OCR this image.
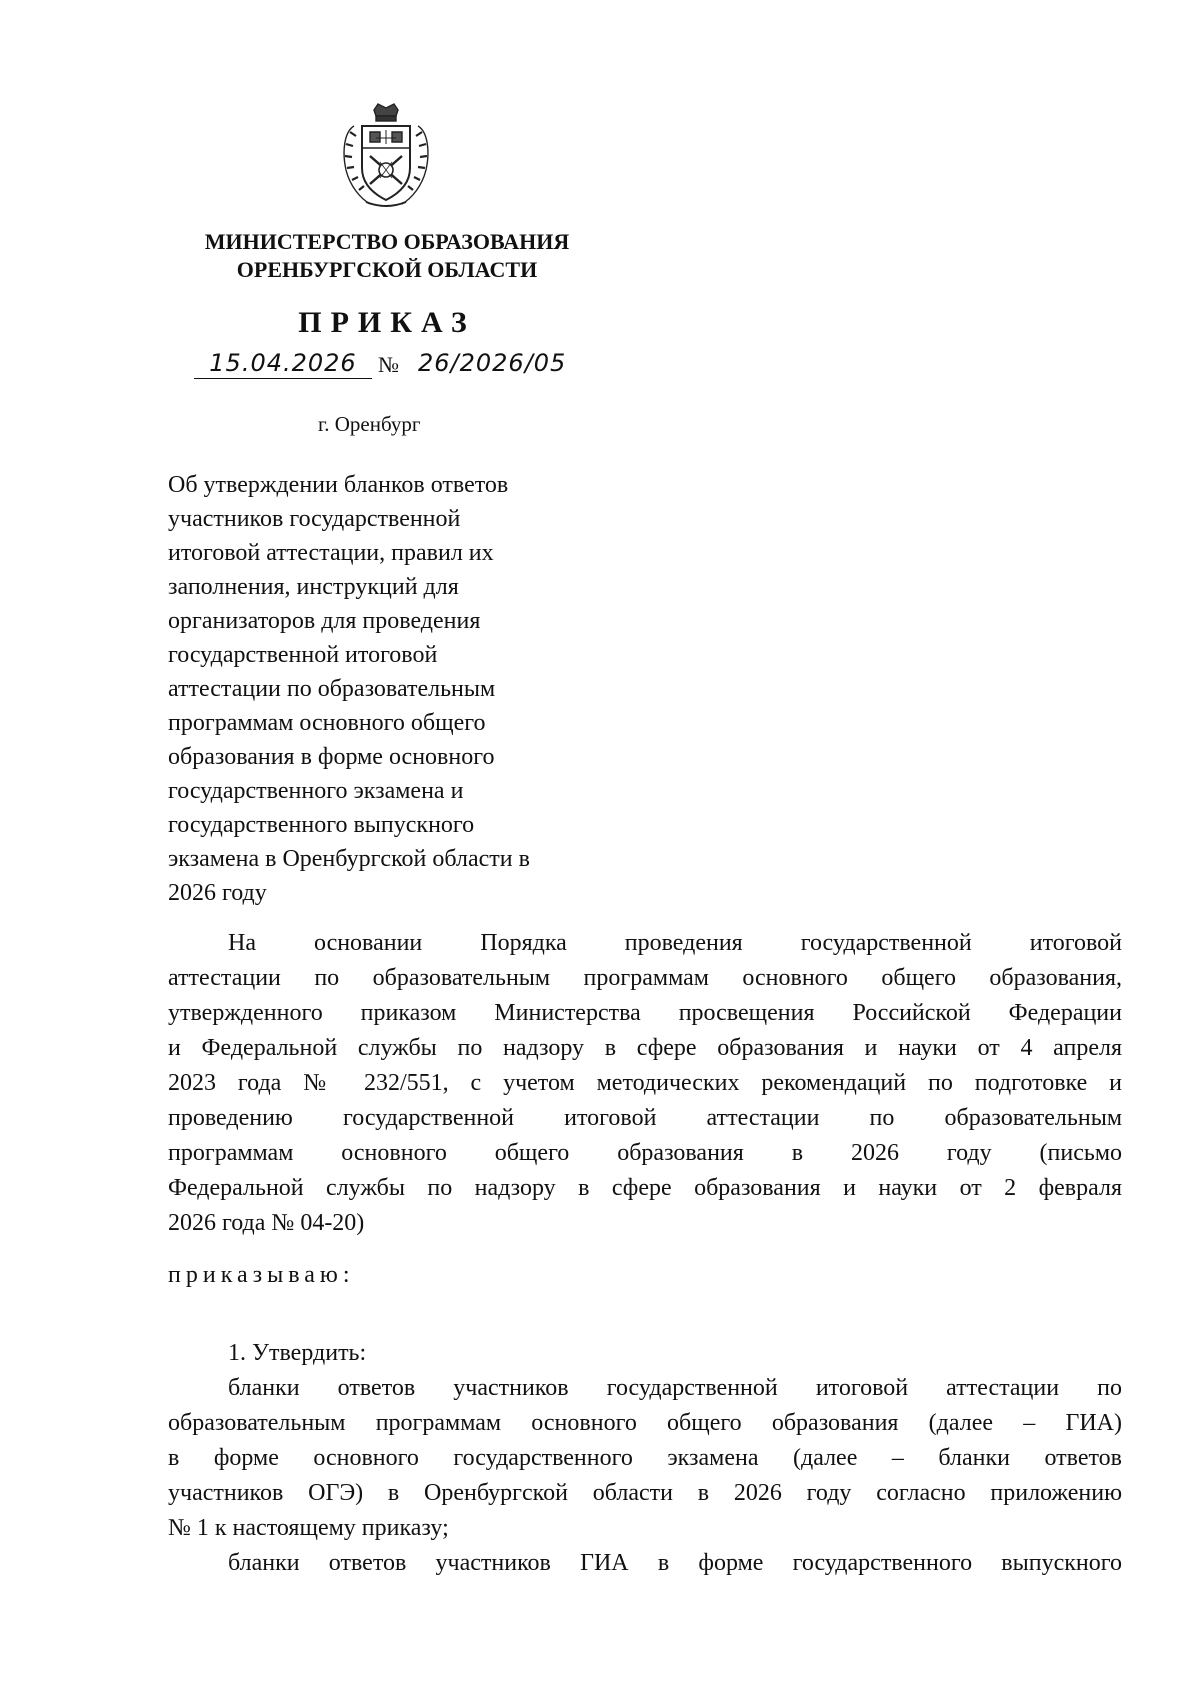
МИНИСТЕРСТВО ОБРАЗОВАНИЯ
ОРЕНБУРГСКОЙ ОБЛАСТИ
ПРИКАЗ
15.04.2026 № 26/2026/05
г. Оренбург
Об утверждении бланков ответов
участников государственной
итоговой аттестации, правил их
заполнения, инструкций для
организаторов для проведения
государственной итоговой
аттестации по образовательным
программам основного общего
образования в форме основного
государственного экзамена и
государственного выпускного
экзамена в Оренбургской области в
2026 году
На основании Порядка проведения государственной итоговой
аттестации по образовательным программам основного общего образования,
утвержденного приказом Министерства просвещения Российской Федерации
и Федеральной службы по надзору в сфере образования и науки от 4 апреля
2023 года № 232/551, с учетом методических рекомендаций по подготовке и
проведению государственной итоговой аттестации по образовательным
программам основного общего образования в 2026 году (письмо
Федеральной службы по надзору в сфере образования и науки от 2 февраля
2026 года № 04-20)
приказываю:
1. Утвердить:
бланки ответов участников государственной итоговой аттестации по
образовательным программам основного общего образования (далее – ГИА)
в форме основного государственного экзамена (далее – бланки ответов
участников ОГЭ) в Оренбургской области в 2026 году согласно приложению
№ 1 к настоящему приказу;
бланки ответов участников ГИА в форме государственного выпускного
